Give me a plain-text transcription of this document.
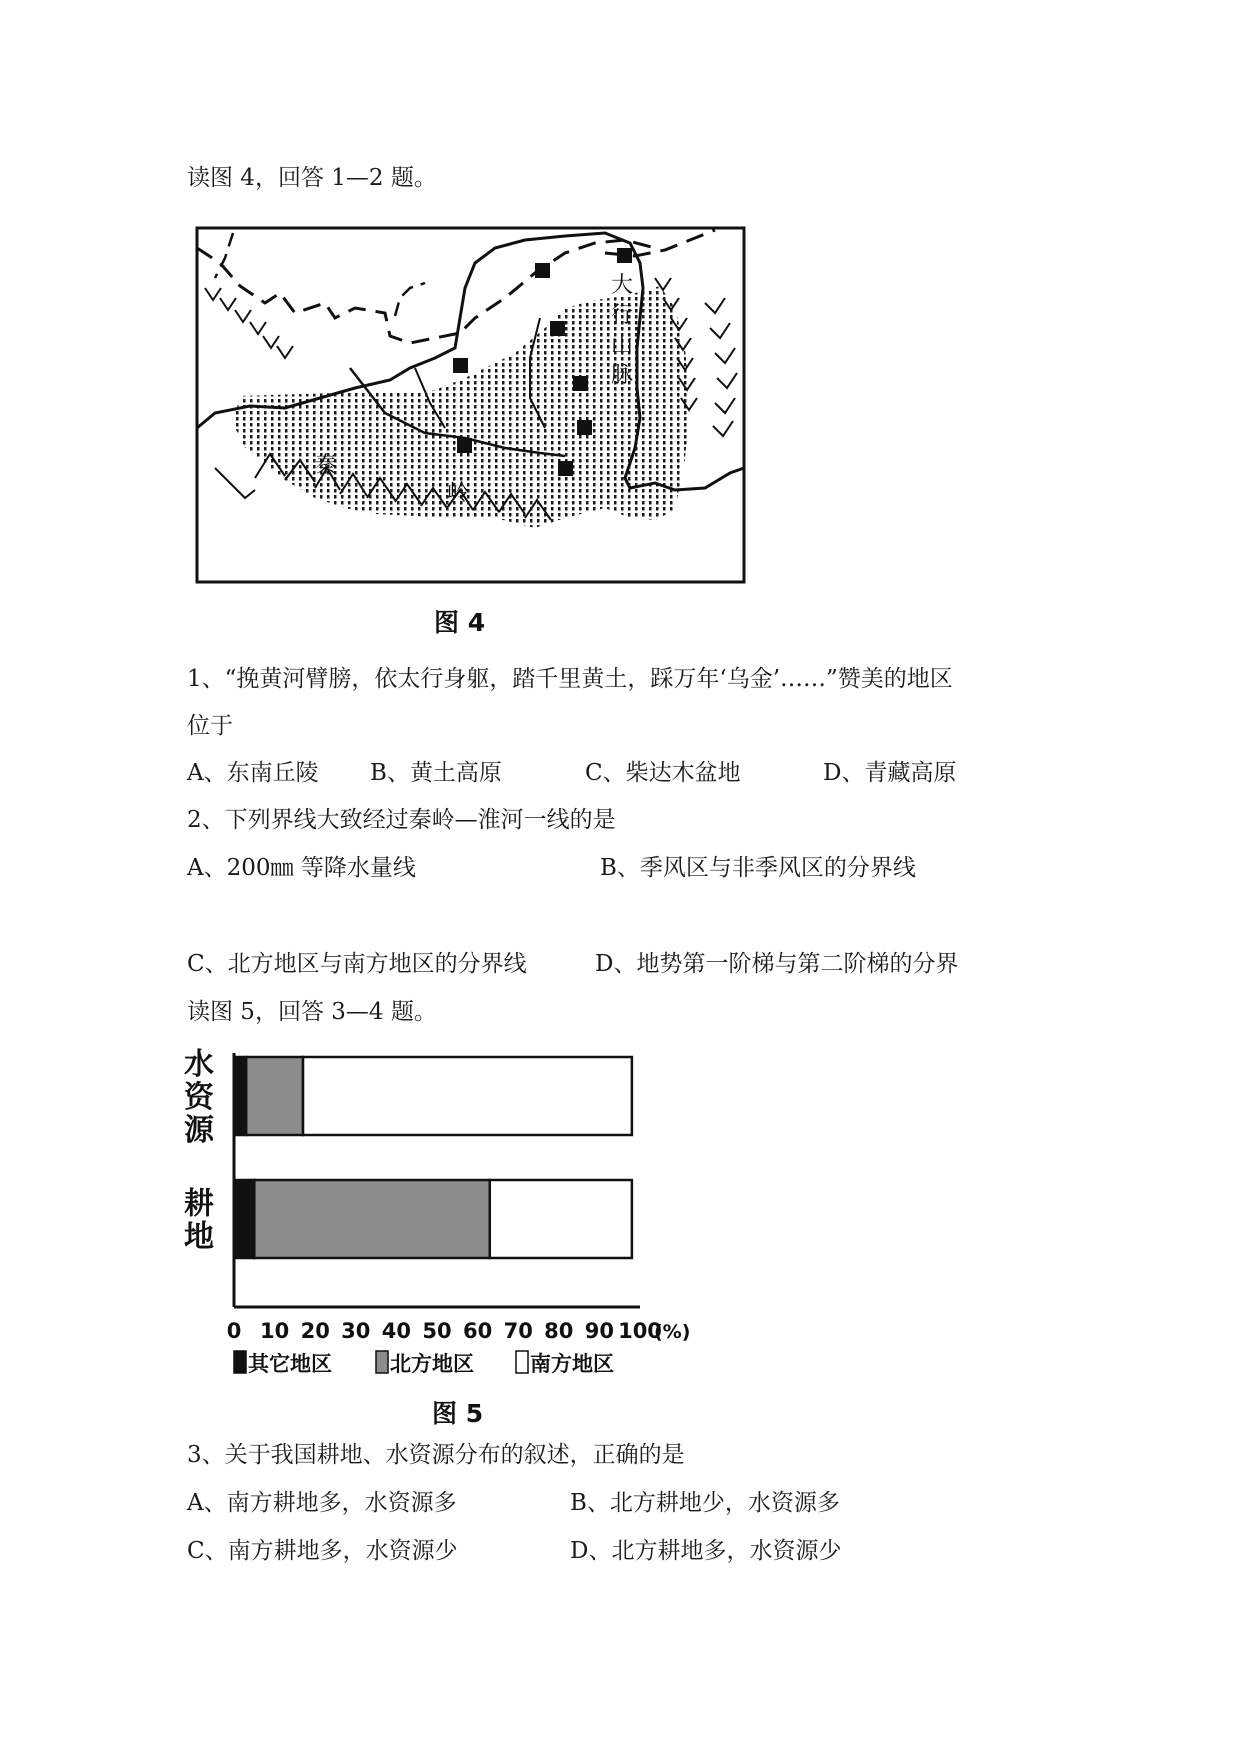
读图 4，回答 1—2 题。
大
行
山
脉
秦
岭
图 4
1、“挽黄河臂膀，依太行身躯，踏千里黄土，踩万年‘乌金’……”赞美的地区
位于
A、东南丘陵 B、黄土高原	C、柴达木盆地	D、青藏高原
2、下列界线大致经过秦岭—淮河一线的是
A、200㎜ 等降水量线	B、季风区与非季风区的分界线
C、北方地区与南方地区的分界线	D、地势第一阶梯与第二阶梯的分界
读图 5，回答 3—4 题。
水
资
源
耕
地
0 10 20 30 40 50 60 70 80 90 100
(%)
其它地区	北方地区	南方地区
图 5
3、关于我国耕地、水资源分布的叙述，正确的是
A、南方耕地多，水资源多	B、北方耕地少，水资源多
C、南方耕地多，水资源少	D、北方耕地多，水资源少
